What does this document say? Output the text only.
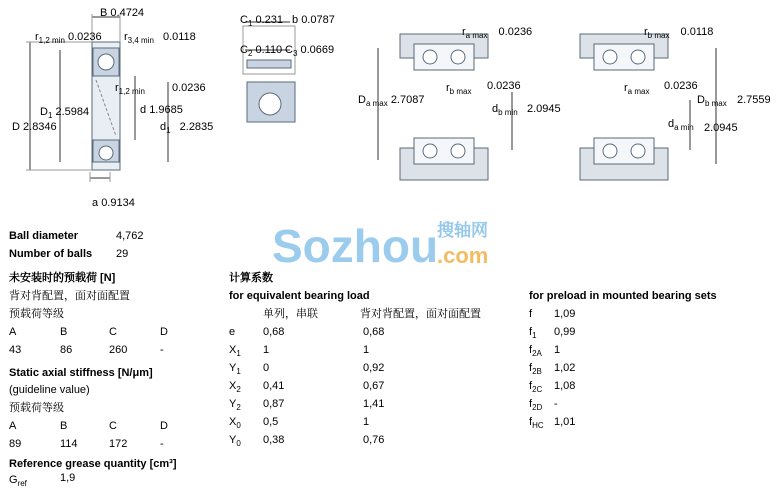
B 0.4724
$r_{1,2 min}$ 0.0236 $r_{3,4 min}$ 0.0118
$r_{1,2 min}$ 0.0236
$D_1$ 2.5984	d 1.9685
D 2.8346	$d_1$ 2.2835
a 0.9134
$C_1$ 0.231 b 0.0787
$C_2$ 0.110 $C_3$ 0.0669
$r_{a max}$ 0.0236
$r_{b max}$ 0.0236
$D_{a max}$ 2.7087
$d_{b min}$ 2.0945
$r_{b max}$ 0.0118
$r_{a max}$ 0.0236
$D_{b max}$ 2.7559
$d_{a min}$ 2.0945
Sozhou
搜轴网
.com
Ball diameter	4,762
Number of balls 29
未安装时的预载荷 [N]
背对背配置，面对面配置
预载荷等级
A	B	C	D
43	86	260	-
Static axial stiffness [N/μm]
(guideline value)
预载荷等级
A	B	C	D
89	114	172	-
Reference grease quantity [cm³]
$G_{ref}$	1,9
计算系数
for equivalent bearing load
单列，串联	背对背配置，面对面配置
e	0,68	0,68
$X_1$ 1	1
$Y_1$ 0	0,92
$X_2$ 0,41	0,67
$Y_2$ 0,87	1,41
$X_0$ 0,5	1
$Y_0$ 0,38	0,76
for preload in mounted bearing sets
f 1,09
$f_1$ 0,99
$f_{2A}$ 1
$f_{2B}$ 1,02
$f_{2C}$ 1,08
$f_{2D}$ -
$f_{HC}$ 1,01
